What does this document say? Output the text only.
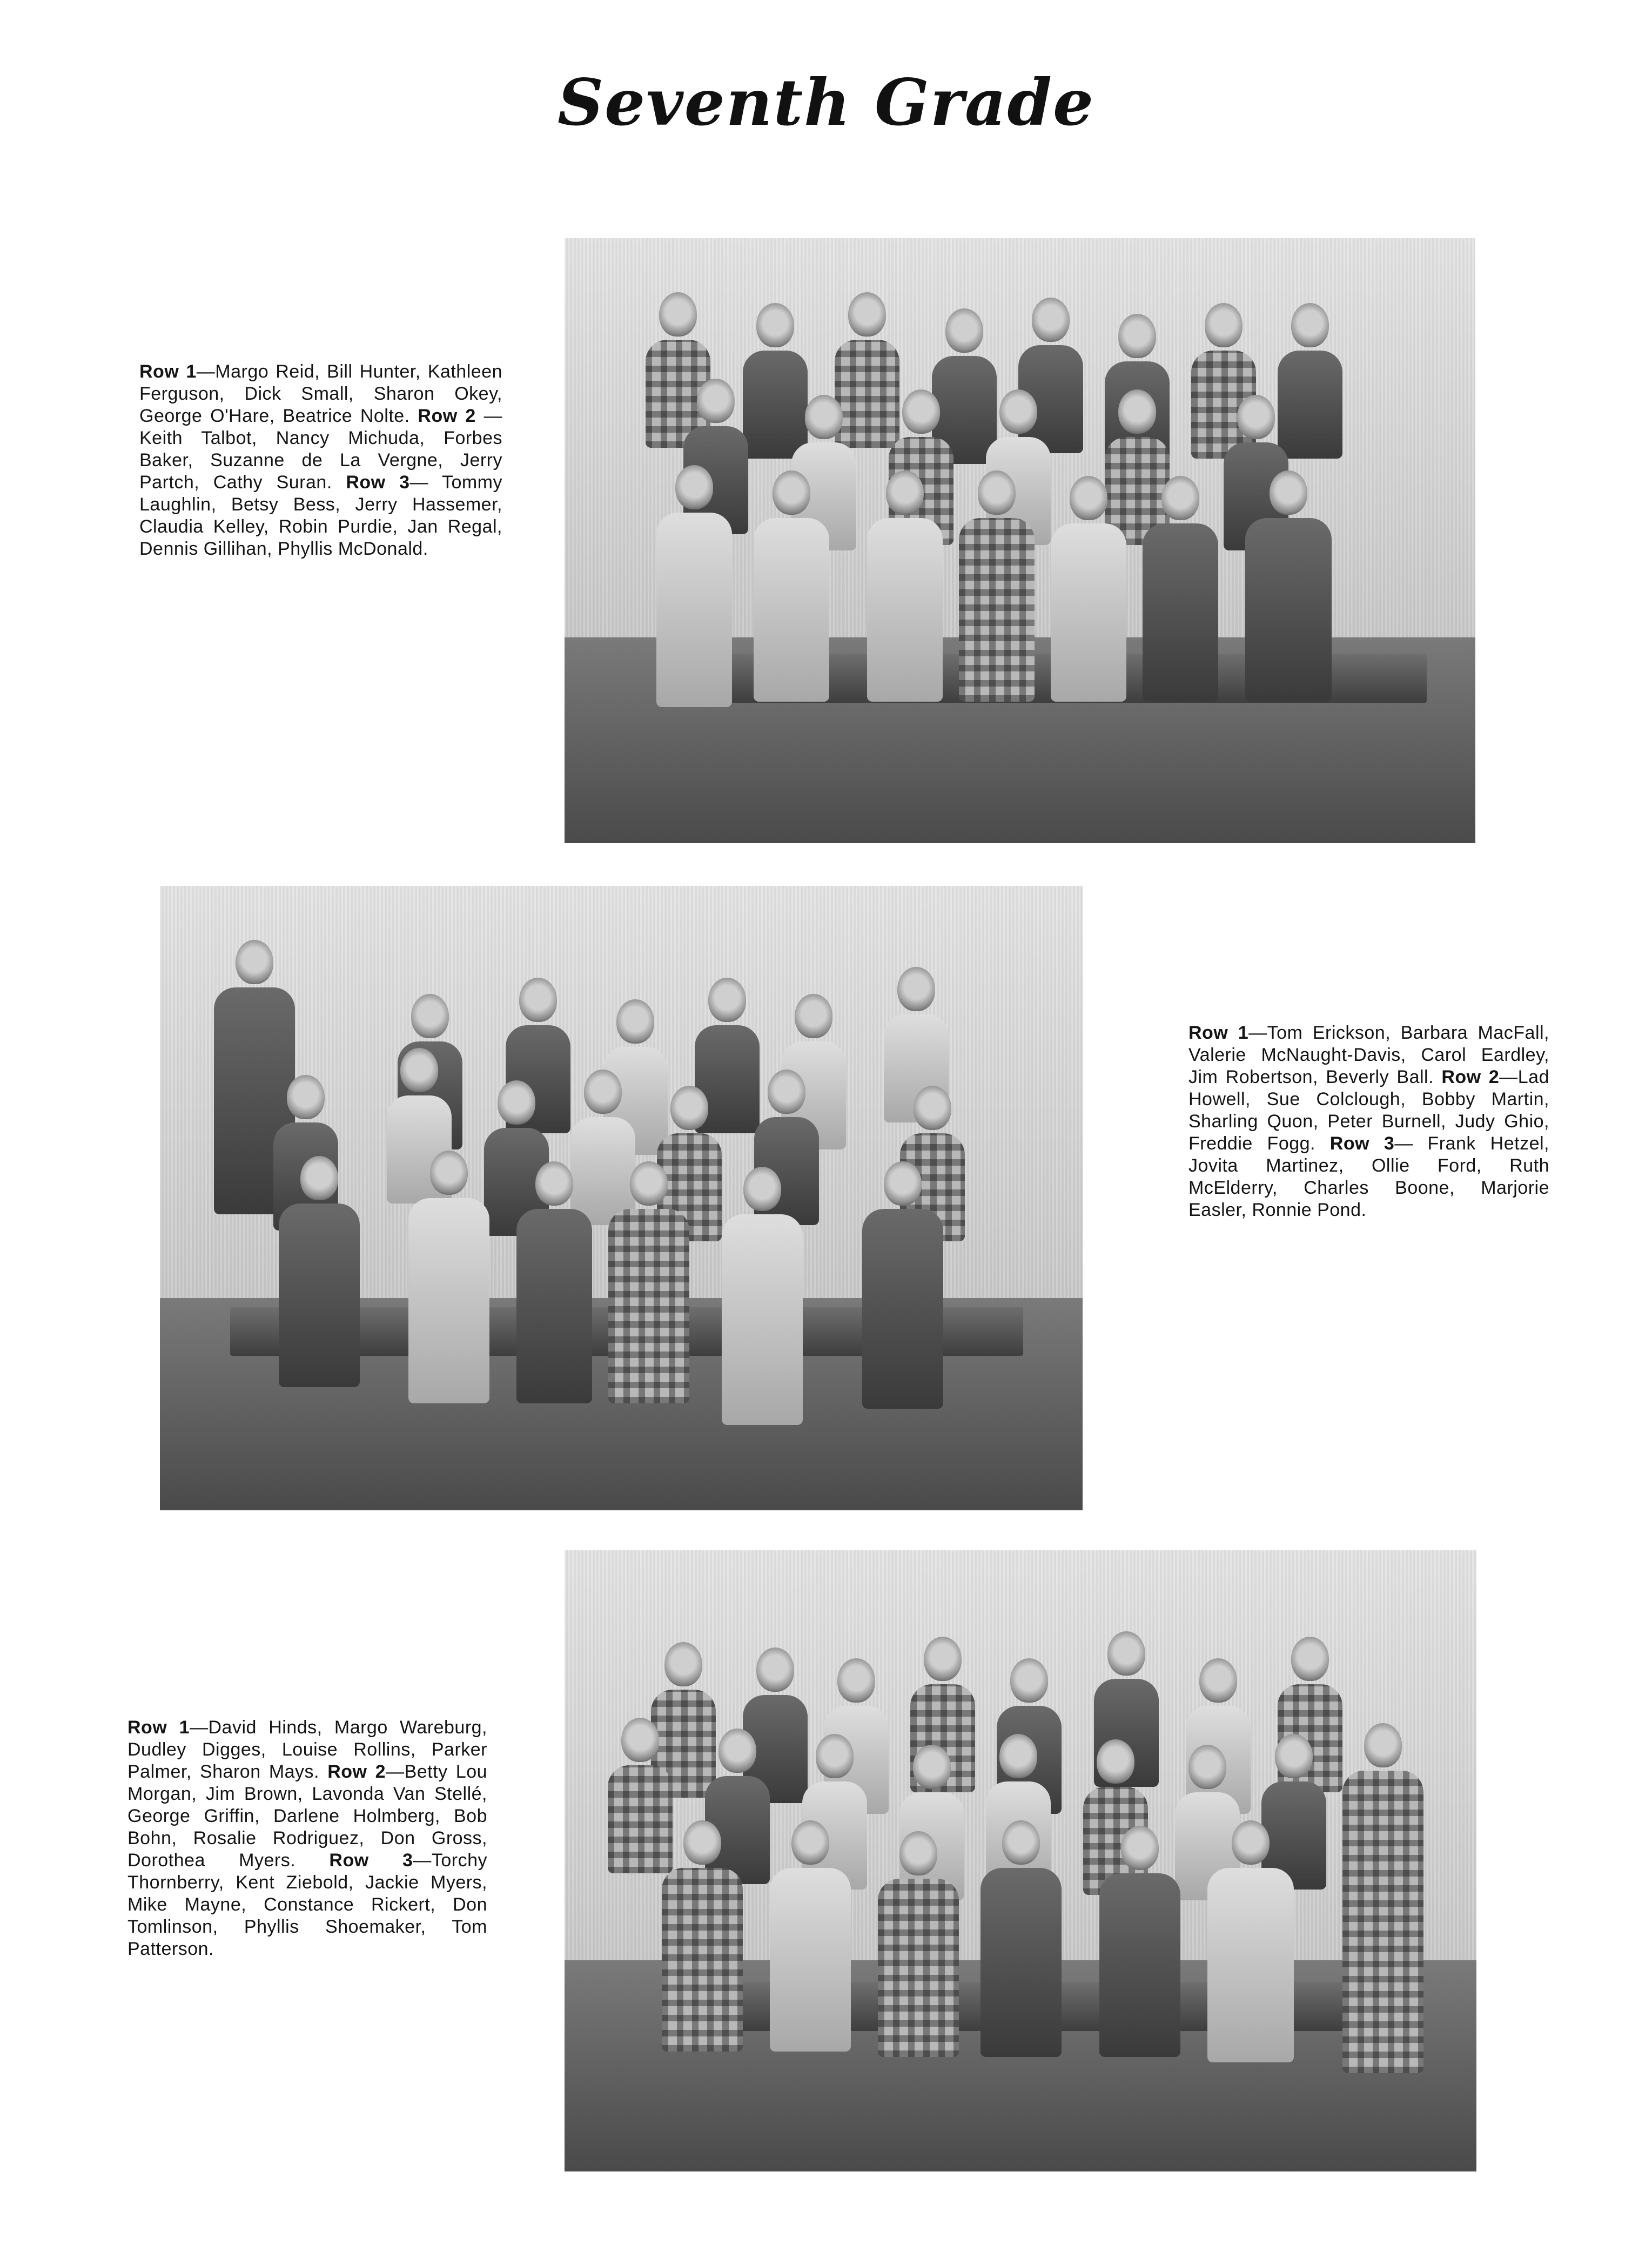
Seventh Grade
Row 1—Margo Reid, Bill Hunter, Kathleen Ferguson, Dick Small, Sharon Okey, George O'Hare, Beatrice Nolte. Row 2 — Keith Talbot, Nancy Michuda, Forbes Baker, Suzanne de La Vergne, Jerry Partch, Cathy Suran. Row 3— Tommy Laughlin, Betsy Bess, Jerry Hassemer, Claudia Kelley, Robin Purdie, Jan Regal, Dennis Gillihan, Phyllis McDonald.
Row 1—Tom Erickson, Barbara MacFall, Valerie McNaught-Davis, Carol Eardley, Jim Robertson, Beverly Ball. Row 2—Lad Howell, Sue Colclough, Bobby Martin, Sharling Quon, Peter Burnell, Judy Ghio, Freddie Fogg. Row 3— Frank Hetzel, Jovita Martinez, Ollie Ford, Ruth McElderry, Charles Boone, Marjorie Easler, Ronnie Pond.
Row 1—David Hinds, Margo Wareburg, Dudley Digges, Louise Rollins, Parker Palmer, Sharon Mays. Row 2—Betty Lou Morgan, Jim Brown, Lavonda Van Stellé, George Griffin, Darlene Holmberg, Bob Bohn, Rosalie Rodriguez, Don Gross, Dorothea Myers. Row 3—Torchy Thornberry, Kent Ziebold, Jackie Myers, Mike Mayne, Constance Rickert, Don Tomlinson, Phyllis Shoemaker, Tom Patterson.
